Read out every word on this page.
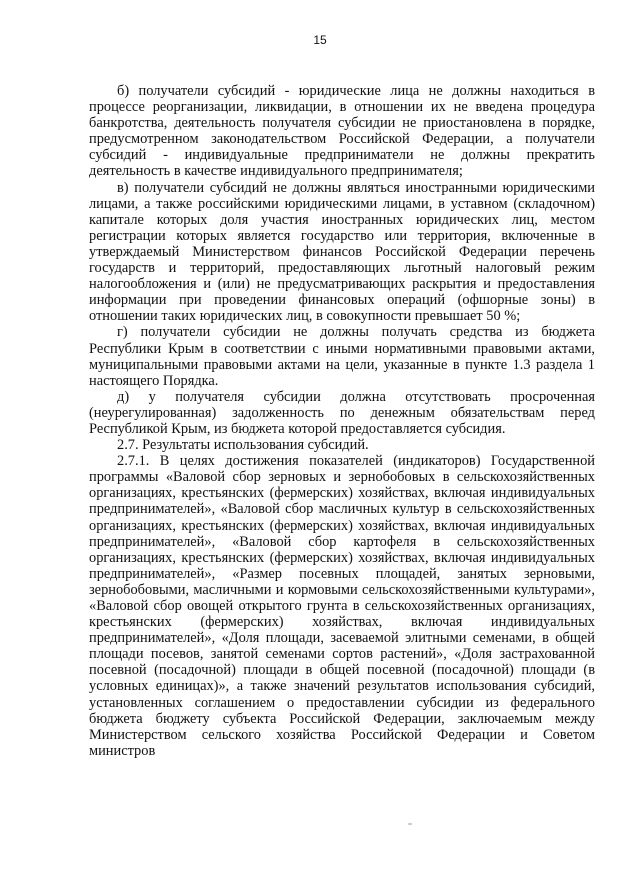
15

б) получатели субсидий - юридические лица не должны находиться в процессе реорганизации, ликвидации, в отношении их не введена процедура банкротства, деятельность получателя субсидии не приостановлена в порядке, предусмотренном законодательством Российской Федерации, а получатели субсидий - индивидуальные предприниматели не должны прекратить деятельность в качестве индивидуального предпринимателя;

в) получатели субсидий не должны являться иностранными юридическими лицами, а также российскими юридическими лицами, в уставном (складочном) капитале которых доля участия иностранных юридических лиц, местом регистрации которых является государство или территория, включенные в утверждаемый Министерством финансов Российской Федерации перечень государств и территорий, предоставляющих льготный налоговый режим налогообложения и (или) не предусматривающих раскрытия и предоставления информации при проведении финансовых операций (офшорные зоны) в отношении таких юридических лиц, в совокупности превышает 50 %;

г) получатели субсидии не должны получать средства из бюджета Республики Крым в соответствии с иными нормативными правовыми актами, муниципальными правовыми актами на цели, указанные в пункте 1.3 раздела 1 настоящего Порядка.

д) у получателя субсидии должна отсутствовать просроченная (неурегулированная) задолженность по денежным обязательствам перед Республикой Крым, из бюджета которой предоставляется субсидия.

2.7. Результаты использования субсидий.

2.7.1. В целях достижения показателей (индикаторов) Государственной программы «Валовой сбор зерновых и зернобобовых в сельскохозяйственных организациях, крестьянских (фермерских) хозяйствах, включая индивидуальных предпринимателей», «Валовой сбор масличных культур в сельскохозяйственных организациях, крестьянских (фермерских) хозяйствах, включая индивидуальных предпринимателей», «Валовой сбор картофеля в сельскохозяйственных организациях, крестьянских (фермерских) хозяйствах, включая индивидуальных предпринимателей», «Размер посевных площадей, занятых зерновыми, зернобобовыми, масличными и кормовыми сельскохозяйственными культурами», «Валовой сбор овощей открытого грунта в сельскохозяйственных организациях, крестьянских (фермерских) хозяйствах, включая индивидуальных предпринимателей», «Доля площади, засеваемой элитными семенами, в общей площади посевов, занятой семенами сортов растений», «Доля застрахованной посевной (посадочной) площади в общей посевной (посадочной) площади (в условных единицах)», а также значений результатов использования субсидий, установленных соглашением о предоставлении субсидии из федерального бюджета бюджету субъекта Российской Федерации, заключаемым между Министерством сельского хозяйства Российской Федерации и Советом министров
